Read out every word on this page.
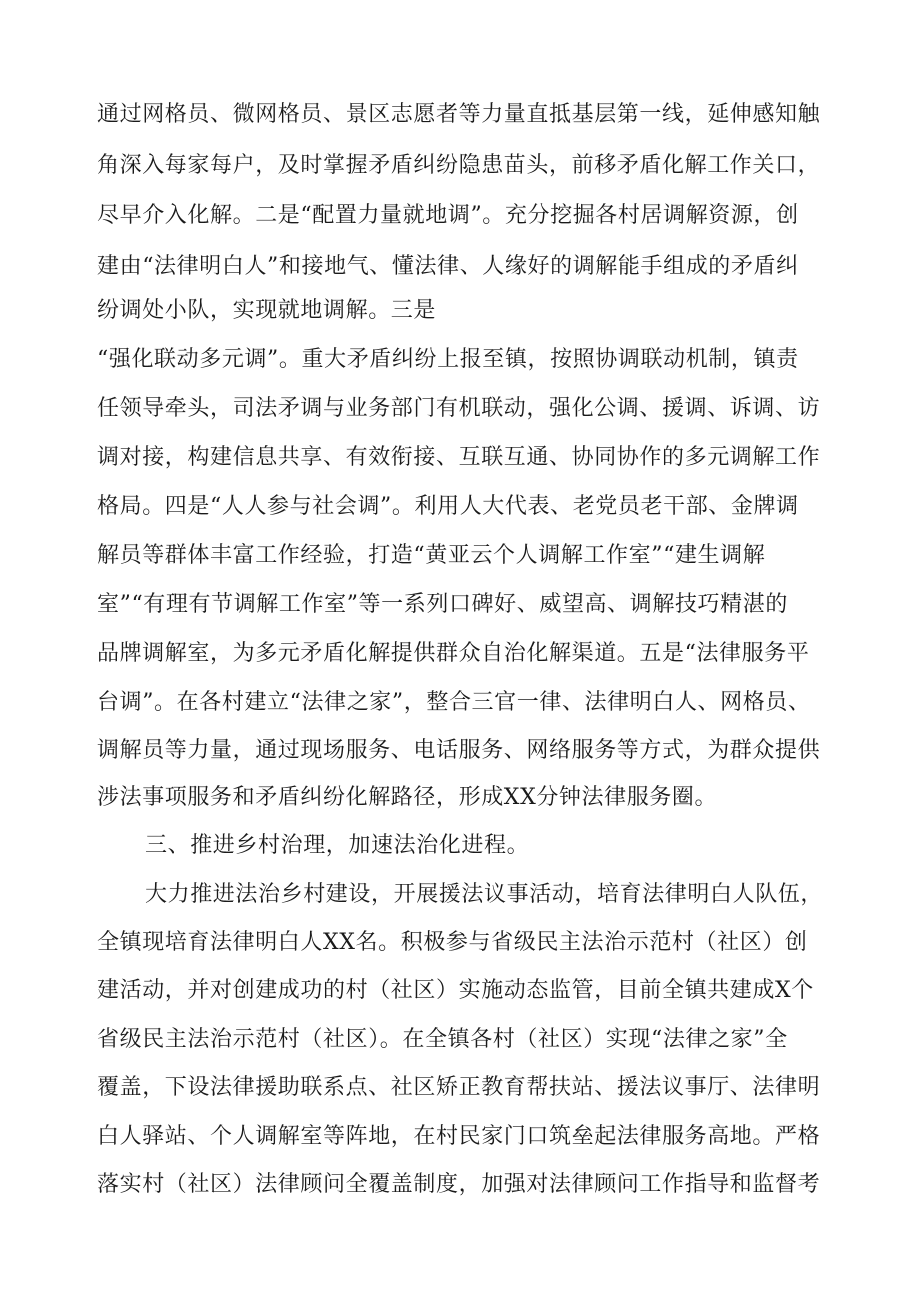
通过网格员、微网格员、景区志愿者等力量直抵基层第一线，延伸感知触
角深入每家每户，及时掌握矛盾纠纷隐患苗头，前移矛盾化解工作关口，
尽早介入化解。二是“配置力量就地调”。充分挖掘各村居调解资源，创
建由“法律明白人”和接地气、懂法律、人缘好的调解能手组成的矛盾纠
纷调处小队，实现就地调解。三是
“强化联动多元调”。重大矛盾纠纷上报至镇，按照协调联动机制，镇责
任领导牵头，司法矛调与业务部门有机联动，强化公调、援调、诉调、访
调对接，构建信息共享、有效衔接、互联互通、协同协作的多元调解工作
格局。四是“人人参与社会调”。利用人大代表、老党员老干部、金牌调
解员等群体丰富工作经验，打造“黄亚云个人调解工作室”“建生调解
室”“有理有节调解工作室”等一系列口碑好、威望高、调解技巧精湛的
品牌调解室，为多元矛盾化解提供群众自治化解渠道。五是“法律服务平
台调”。在各村建立“法律之家”，整合三官一律、法律明白人、网格员、
调解员等力量，通过现场服务、电话服务、网络服务等方式，为群众提供
涉法事项服务和矛盾纠纷化解路径，形成XX分钟法律服务圈。
三、推进乡村治理，加速法治化进程。
大力推进法治乡村建设，开展援法议事活动，培育法律明白人队伍，
全镇现培育法律明白人XX名。积极参与省级民主法治示范村（社区）创
建活动，并对创建成功的村（社区）实施动态监管，目前全镇共建成X个
省级民主法治示范村（社区）。在全镇各村（社区）实现“法律之家”全
覆盖，下设法律援助联系点、社区矫正教育帮扶站、援法议事厅、法律明
白人驿站、个人调解室等阵地，在村民家门口筑垒起法律服务高地。严格
落实村（社区）法律顾问全覆盖制度，加强对法律顾问工作指导和监督考
